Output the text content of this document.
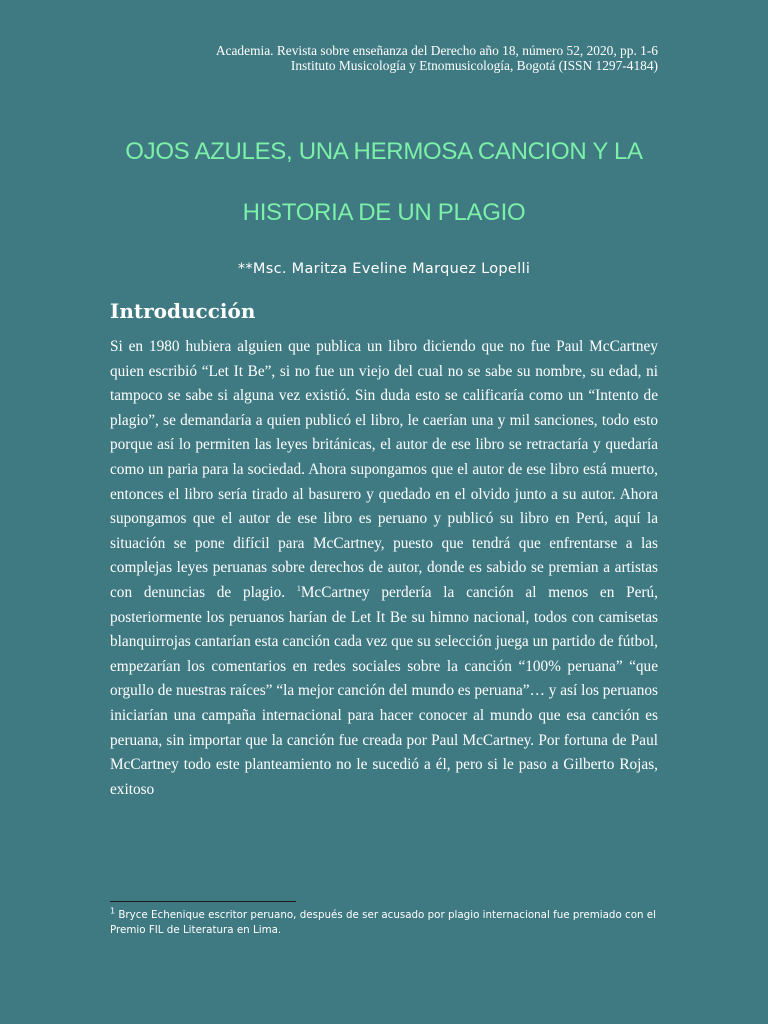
Academia. Revista sobre enseñanza del Derecho año 18, número 52, 2020, pp. 1-6
Instituto Musicología y Etnomusicología, Bogotá (ISSN 1297-4184)
OJOS AZULES, UNA HERMOSA CANCION Y LA
HISTORIA DE UN PLAGIO
**Msc. Maritza Eveline Marquez Lopelli
Introducción

Si en 1980 hubiera alguien que publica un libro diciendo que no fue Paul McCartney quien escribió “Let It Be”, si no fue un viejo del cual no se sabe su nombre, su edad, ni tampoco se sabe si alguna vez existió. Sin duda esto se calificaría como un “Intento de plagio”, se demandaría a quien publicó el libro, le caerían una y mil sanciones, todo esto porque así lo permiten las leyes británicas, el autor de ese libro se retractaría y quedaría como un paria para la sociedad. Ahora supongamos que el autor de ese libro está muerto, entonces el libro sería tirado al basurero y quedado en el olvido junto a su autor. Ahora supongamos que el autor de ese libro es peruano y publicó su libro en Perú, aquí la situación se pone difícil para McCartney, puesto que tendrá que enfrentarse a las complejas leyes peruanas sobre derechos de autor, donde es sabido se premian a artistas con denuncias de plagio. $^1$McCartney perdería la canción al menos en Perú, posteriormente los peruanos harían de Let It Be su himno nacional, todos con camisetas blanquirrojas cantarían esta canción cada vez que su selección juega un partido de fútbol, empezarían los comentarios en redes sociales sobre la canción “100% peruana” “que orgullo de nuestras raíces” “la mejor canción del mundo es peruana”… y así los peruanos iniciarían una campaña internacional para hacer conocer al mundo que esa canción es peruana, sin importar que la canción fue creada por Paul McCartney. Por fortuna de Paul McCartney todo este planteamiento no le sucedió a él, pero si le paso a Gilberto Rojas, exitoso

$^1$ Bryce Echenique escritor peruano, después de ser acusado por plagio internacional fue premiado con el Premio FIL de Literatura en Lima.
